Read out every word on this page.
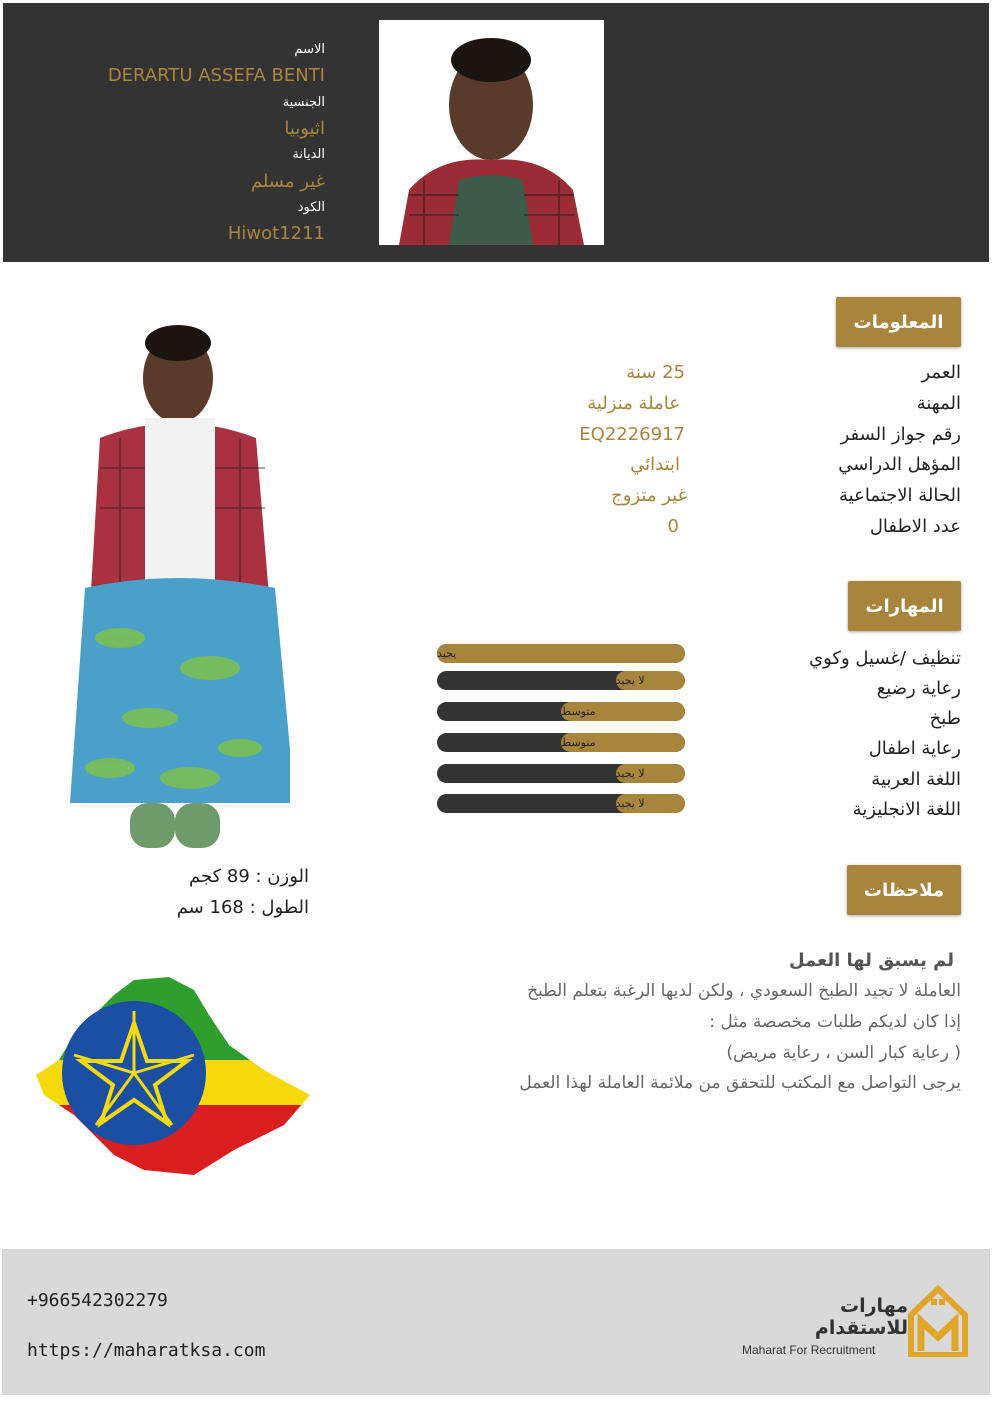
الاسم
DERARTU ASSEFA BENTI
الجنسية
اثيوبيا
الديانة
غير مسلم
الكود
Hiwot1211
المعلومات
العمر
25 سنة
المهنة
عاملة منزلية
رقم جواز السفر
EQ2226917
المؤهل الدراسي
ابتدائي
الحالة الاجتماعية
غير متزوج
عدد الاطفال
0
المهارات
تنظيف /غسيل وكوي
يجيد
رعاية رضيع
لا يجيد
طبخ
متوسط
رعاية اطفال
متوسط
اللغة العربية
لا يجيد
اللغة الانجليزية
لا يجيد
الوزن : 89 كجم
الطول : 168 سم
ملاحظات
لم يسبق لها العمل
العاملة لا تجيد الطبخ السعودي ، ولكن لديها الرغبة بتعلم الطبخ
إذا كان لديكم طلبات مخصصة مثل :
( رعاية كبار السن ، رعاية مريض)
يرجى التواصل مع المكتب للتحقق من ملائمة العاملة لهذا العمل
+966542302279
https://maharatksa.com
مهارات للاستقدام
Maharat For Recruitment
